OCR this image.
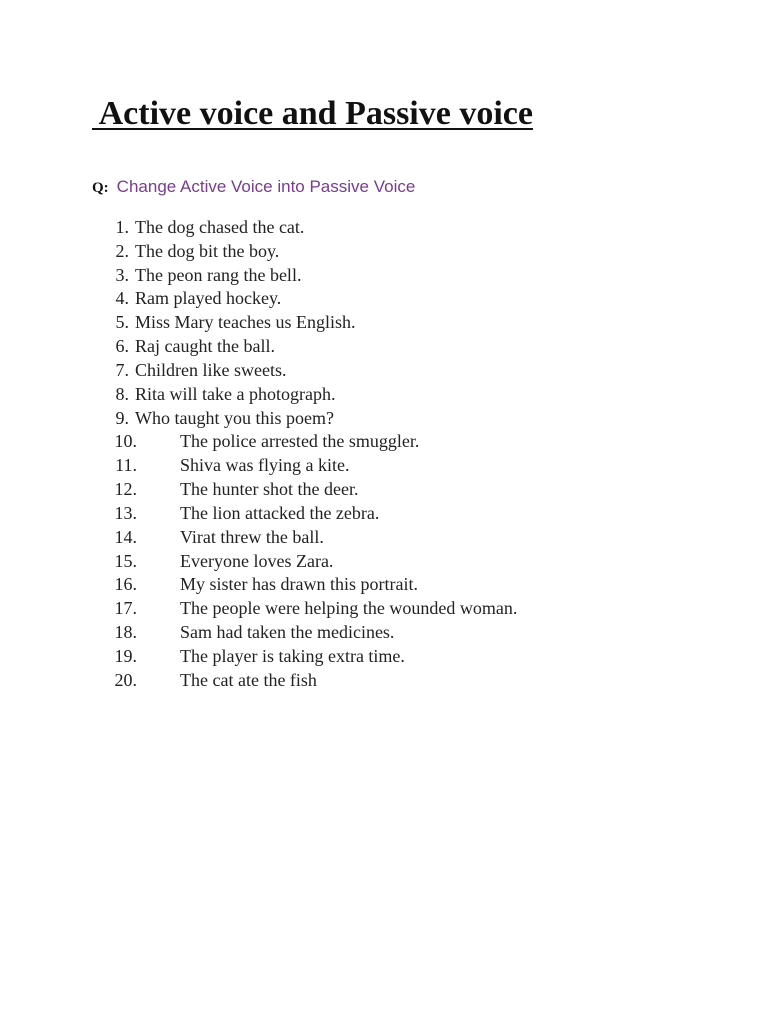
Active voice and Passive voice
Q: Change Active Voice into Passive Voice
1. The dog chased the cat.
2. The dog bit the boy.
3. The peon rang the bell.
4. Ram played hockey.
5. Miss Mary teaches us English.
6. Raj caught the ball.
7. Children like sweets.
8. Rita will take a photograph.
9. Who taught you this poem?
10. The police arrested the smuggler.
11. Shiva was flying a kite.
12. The hunter shot the deer.
13. The lion attacked the zebra.
14. Virat threw the ball.
15. Everyone loves Zara.
16. My sister has drawn this portrait.
17. The people were helping the wounded woman.
18. Sam had taken the medicines.
19. The player is taking extra time.
20. The cat ate the fish
